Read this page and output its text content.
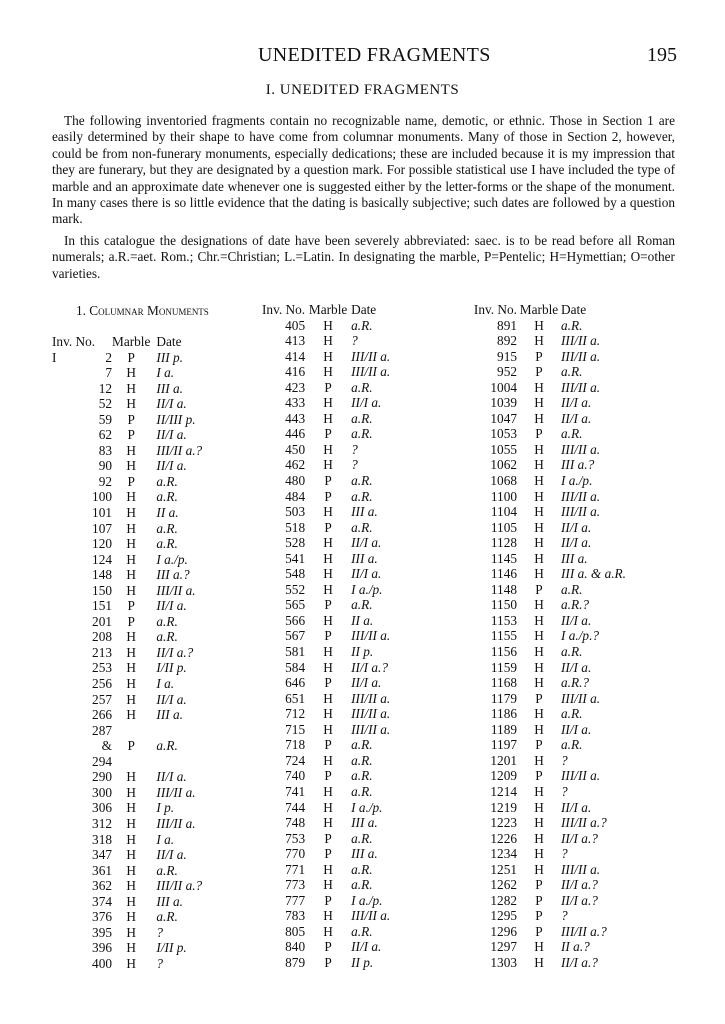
UNEDITED FRAGMENTS	195
I. UNEDITED FRAGMENTS

The following inventoried fragments contain no recognizable name, demotic, or ethnic. Those in Section 1 are easily determined by their shape to have come from columnar monuments. Many of those in Section 2, however, could be from non-funerary monuments, especially dedications; these are included because it is my impression that they are funerary, but they are designated by a question mark. For possible statistical use I have included the type of marble and an approximate date whenever one is suggested either by the letter-forms or the shape of the monument. In many cases there is so little evidence that the dating is basically subjective; such dates are followed by a question mark.

In this catalogue the designations of date have been severely abbreviated: saec. is to be read before all Roman numerals; a.R.=aet. Rom.; Chr.=Christian; L.=Latin. In designating the marble, P=Pentelic; H=Hymettian; O=other varieties.

1. Columnar Monuments
Inv. No.		Marble	Date
I	2	P	III p.
	7	H	I a.
	12	H	III a.
	52	H	II/I a.
	59	P	II/III p.
	62	P	II/I a.
	83	H	III/II a.?
	90	H	II/I a.
	92	P	a.R.
	100	H	a.R.
	101	H	II a.
	107	H	a.R.
	120	H	a.R.
	124	H	I a./p.
	148	H	III a.?
	150	H	III/II a.
	151	P	II/I a.
	201	P	a.R.
	208	H	a.R.
	213	H	II/I a.?
	253	H	I/II p.
	256	H	I a.
	257	H	II/I a.
	266	H	III a.
	287		
	&	P	a.R.
	294		
	290	H	II/I a.
	300	H	III/II a.
	306	H	I p.
	312	H	III/II a.
	318	H	I a.
	347	H	II/I a.
	361	H	a.R.
	362	H	III/II a.?
	374	H	III a.
	376	H	a.R.
	395	H	?
	396	H	I/II p.
	400	H	?
Inv. No.	Marble	Date
405	H	a.R.
413	H	?
414	H	III/II a.
416	H	III/II a.
423	P	a.R.
433	H	II/I a.
443	H	a.R.
446	P	a.R.
450	H	?
462	H	?
480	P	a.R.
484	P	a.R.
503	H	III a.
518	P	a.R.
528	H	II/I a.
541	H	III a.
548	H	II/I a.
552	H	I a./p.
565	P	a.R.
566	H	II a.
567	P	III/II a.
581	H	II p.
584	H	II/I a.?
646	P	II/I a.
651	H	III/II a.
712	H	III/II a.
715	H	III/II a.
718	P	a.R.
724	H	a.R.
740	P	a.R.
741	H	a.R.
744	H	I a./p.
748	H	III a.
753	P	a.R.
770	P	III a.
771	H	a.R.
773	H	a.R.
777	P	I a./p.
783	H	III/II a.
805	H	a.R.
840	P	II/I a.
879	P	II p.
Inv. No.	Marble	Date
891	H	a.R.
892	H	III/II a.
915	P	III/II a.
952	P	a.R.
1004	H	III/II a.
1039	H	II/I a.
1047	H	II/I a.
1053	P	a.R.
1055	H	III/II a.
1062	H	III a.?
1068	H	I a./p.
1100	H	III/II a.
1104	H	III/II a.
1105	H	II/I a.
1128	H	II/I a.
1145	H	III a.
1146	H	III a. & a.R.
1148	P	a.R.
1150	H	a.R.?
1153	H	II/I a.
1155	H	I a./p.?
1156	H	a.R.
1159	H	II/I a.
1168	H	a.R.?
1179	P	III/II a.
1186	H	a.R.
1189	H	II/I a.
1197	P	a.R.
1201	H	?
1209	P	III/II a.
1214	H	?
1219	H	II/I a.
1223	H	III/II a.?
1226	H	II/I a.?
1234	H	?
1251	H	III/II a.
1262	P	II/I a.?
1282	P	II/I a.?
1295	P	?
1296	P	III/II a.?
1297	H	II a.?
1303	H	II/I a.?
